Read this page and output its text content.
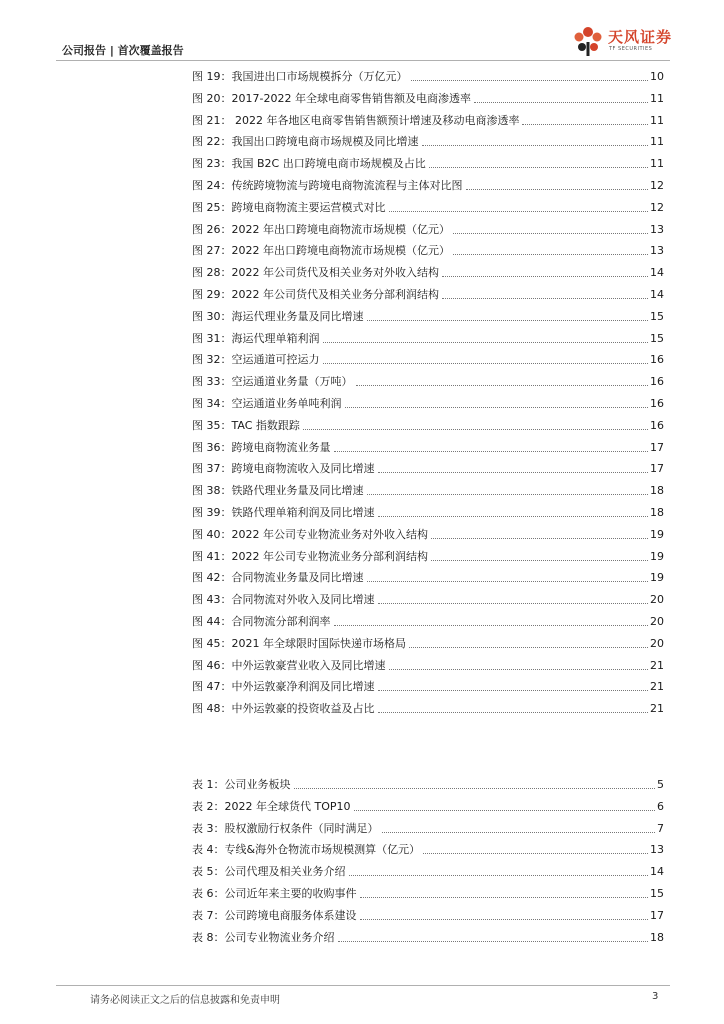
公司报告 | 首次覆盖报告
天风证券
TF SECURITIES
图 19：我国进出口市场规模拆分（万亿元）	10
图 20：2017-2022 年全球电商零售销售额及电商渗透率	11
图 21： 2022 年各地区电商零售销售额预计增速及移动电商渗透率	11
图 22：我国出口跨境电商市场规模及同比增速	11
图 23：我国 B2C 出口跨境电商市场规模及占比	11
图 24：传统跨境物流与跨境电商物流流程与主体对比图	12
图 25：跨境电商物流主要运营模式对比	12
图 26：2022 年出口跨境电商物流市场规模（亿元）	13
图 27：2022 年出口跨境电商物流市场规模（亿元）	13
图 28：2022 年公司货代及相关业务对外收入结构	14
图 29：2022 年公司货代及相关业务分部利润结构	14
图 30：海运代理业务量及同比增速	15
图 31：海运代理单箱利润	15
图 32：空运通道可控运力	16
图 33：空运通道业务量（万吨）	16
图 34：空运通道业务单吨利润	16
图 35：TAC 指数跟踪	16
图 36：跨境电商物流业务量	17
图 37：跨境电商物流收入及同比增速	17
图 38：铁路代理业务量及同比增速	18
图 39：铁路代理单箱利润及同比增速	18
图 40：2022 年公司专业物流业务对外收入结构	19
图 41：2022 年公司专业物流业务分部利润结构	19
图 42：合同物流业务量及同比增速	19
图 43：合同物流对外收入及同比增速	20
图 44：合同物流分部利润率	20
图 45：2021 年全球限时国际快递市场格局	20
图 46：中外运敦豪营业收入及同比增速	21
图 47：中外运敦豪净利润及同比增速	21
图 48：中外运敦豪的投资收益及占比	21
表 1：公司业务板块	5
表 2：2022 年全球货代 TOP10	6
表 3：股权激励行权条件（同时满足）	7
表 4：专线&海外仓物流市场规模测算（亿元）	13
表 5：公司代理及相关业务介绍	14
表 6：公司近年来主要的收购事件	15
表 7：公司跨境电商服务体系建设	17
表 8：公司专业物流业务介绍	18
请务必阅读正文之后的信息披露和免责申明	3
